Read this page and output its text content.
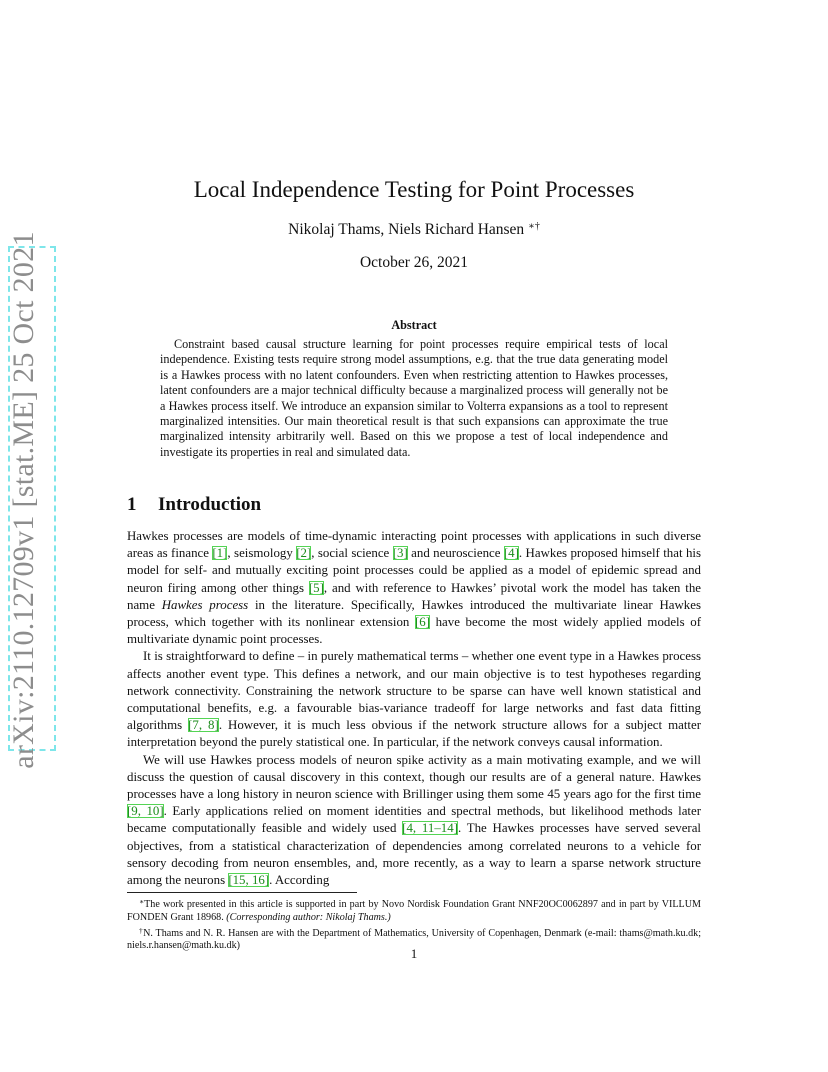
arXiv:2110.12709v1 [stat.ME] 25 Oct 2021
Local Independence Testing for Point Processes
Nikolaj Thams, Niels Richard Hansen ∗†
October 26, 2021
Abstract
Constraint based causal structure learning for point processes require empirical tests of local independence. Existing tests require strong model assumptions, e.g. that the true data generating model is a Hawkes process with no latent confounders. Even when restricting attention to Hawkes processes, latent confounders are a major technical difficulty because a marginalized process will generally not be a Hawkes process itself. We introduce an expansion similar to Volterra expansions as a tool to represent marginalized intensities. Our main theoretical result is that such expansions can approximate the true marginalized intensity arbitrarily well. Based on this we propose a test of local independence and investigate its properties in real and simulated data.
1 Introduction

Hawkes processes are models of time-dynamic interacting point processes with applications in such diverse areas as finance [1], seismology [2], social science [3] and neuroscience [4]. Hawkes proposed himself that his model for self- and mutually exciting point processes could be applied as a model of epidemic spread and neuron firing among other things [5], and with reference to Hawkes’ pivotal work the model has taken the name Hawkes process in the literature. Specifically, Hawkes introduced the multivariate linear Hawkes process, which together with its nonlinear extension [6] have become the most widely applied models of multivariate dynamic point processes.

It is straightforward to define – in purely mathematical terms – whether one event type in a Hawkes process affects another event type. This defines a network, and our main objective is to test hypotheses regarding network connectivity. Constraining the network structure to be sparse can have well known statistical and computational benefits, e.g. a favourable bias-variance tradeoff for large networks and fast data fitting algorithms [7, 8]. However, it is much less obvious if the network structure allows for a subject matter interpretation beyond the purely statistical one. In particular, if the network conveys causal information.

We will use Hawkes process models of neuron spike activity as a main motivating example, and we will discuss the question of causal discovery in this context, though our results are of a general nature. Hawkes processes have a long history in neuron science with Brillinger using them some 45 years ago for the first time [9, 10]. Early applications relied on moment identities and spectral methods, but likelihood methods later became computationally feasible and widely used [4, 11–14]. The Hawkes processes have served several objectives, from a statistical characterization of dependencies among correlated neurons to a vehicle for sensory decoding from neuron ensembles, and, more recently, as a way to learn a sparse network structure among the neurons [15, 16]. According

∗The work presented in this article is supported in part by Novo Nordisk Foundation Grant NNF20OC0062897 and in part by VILLUM FONDEN Grant 18968. (Corresponding author: Nikolaj Thams.)

†N. Thams and N. R. Hansen are with the Department of Mathematics, University of Copenhagen, Denmark (e-mail: thams@math.ku.dk; niels.r.hansen@math.ku.dk)

1
